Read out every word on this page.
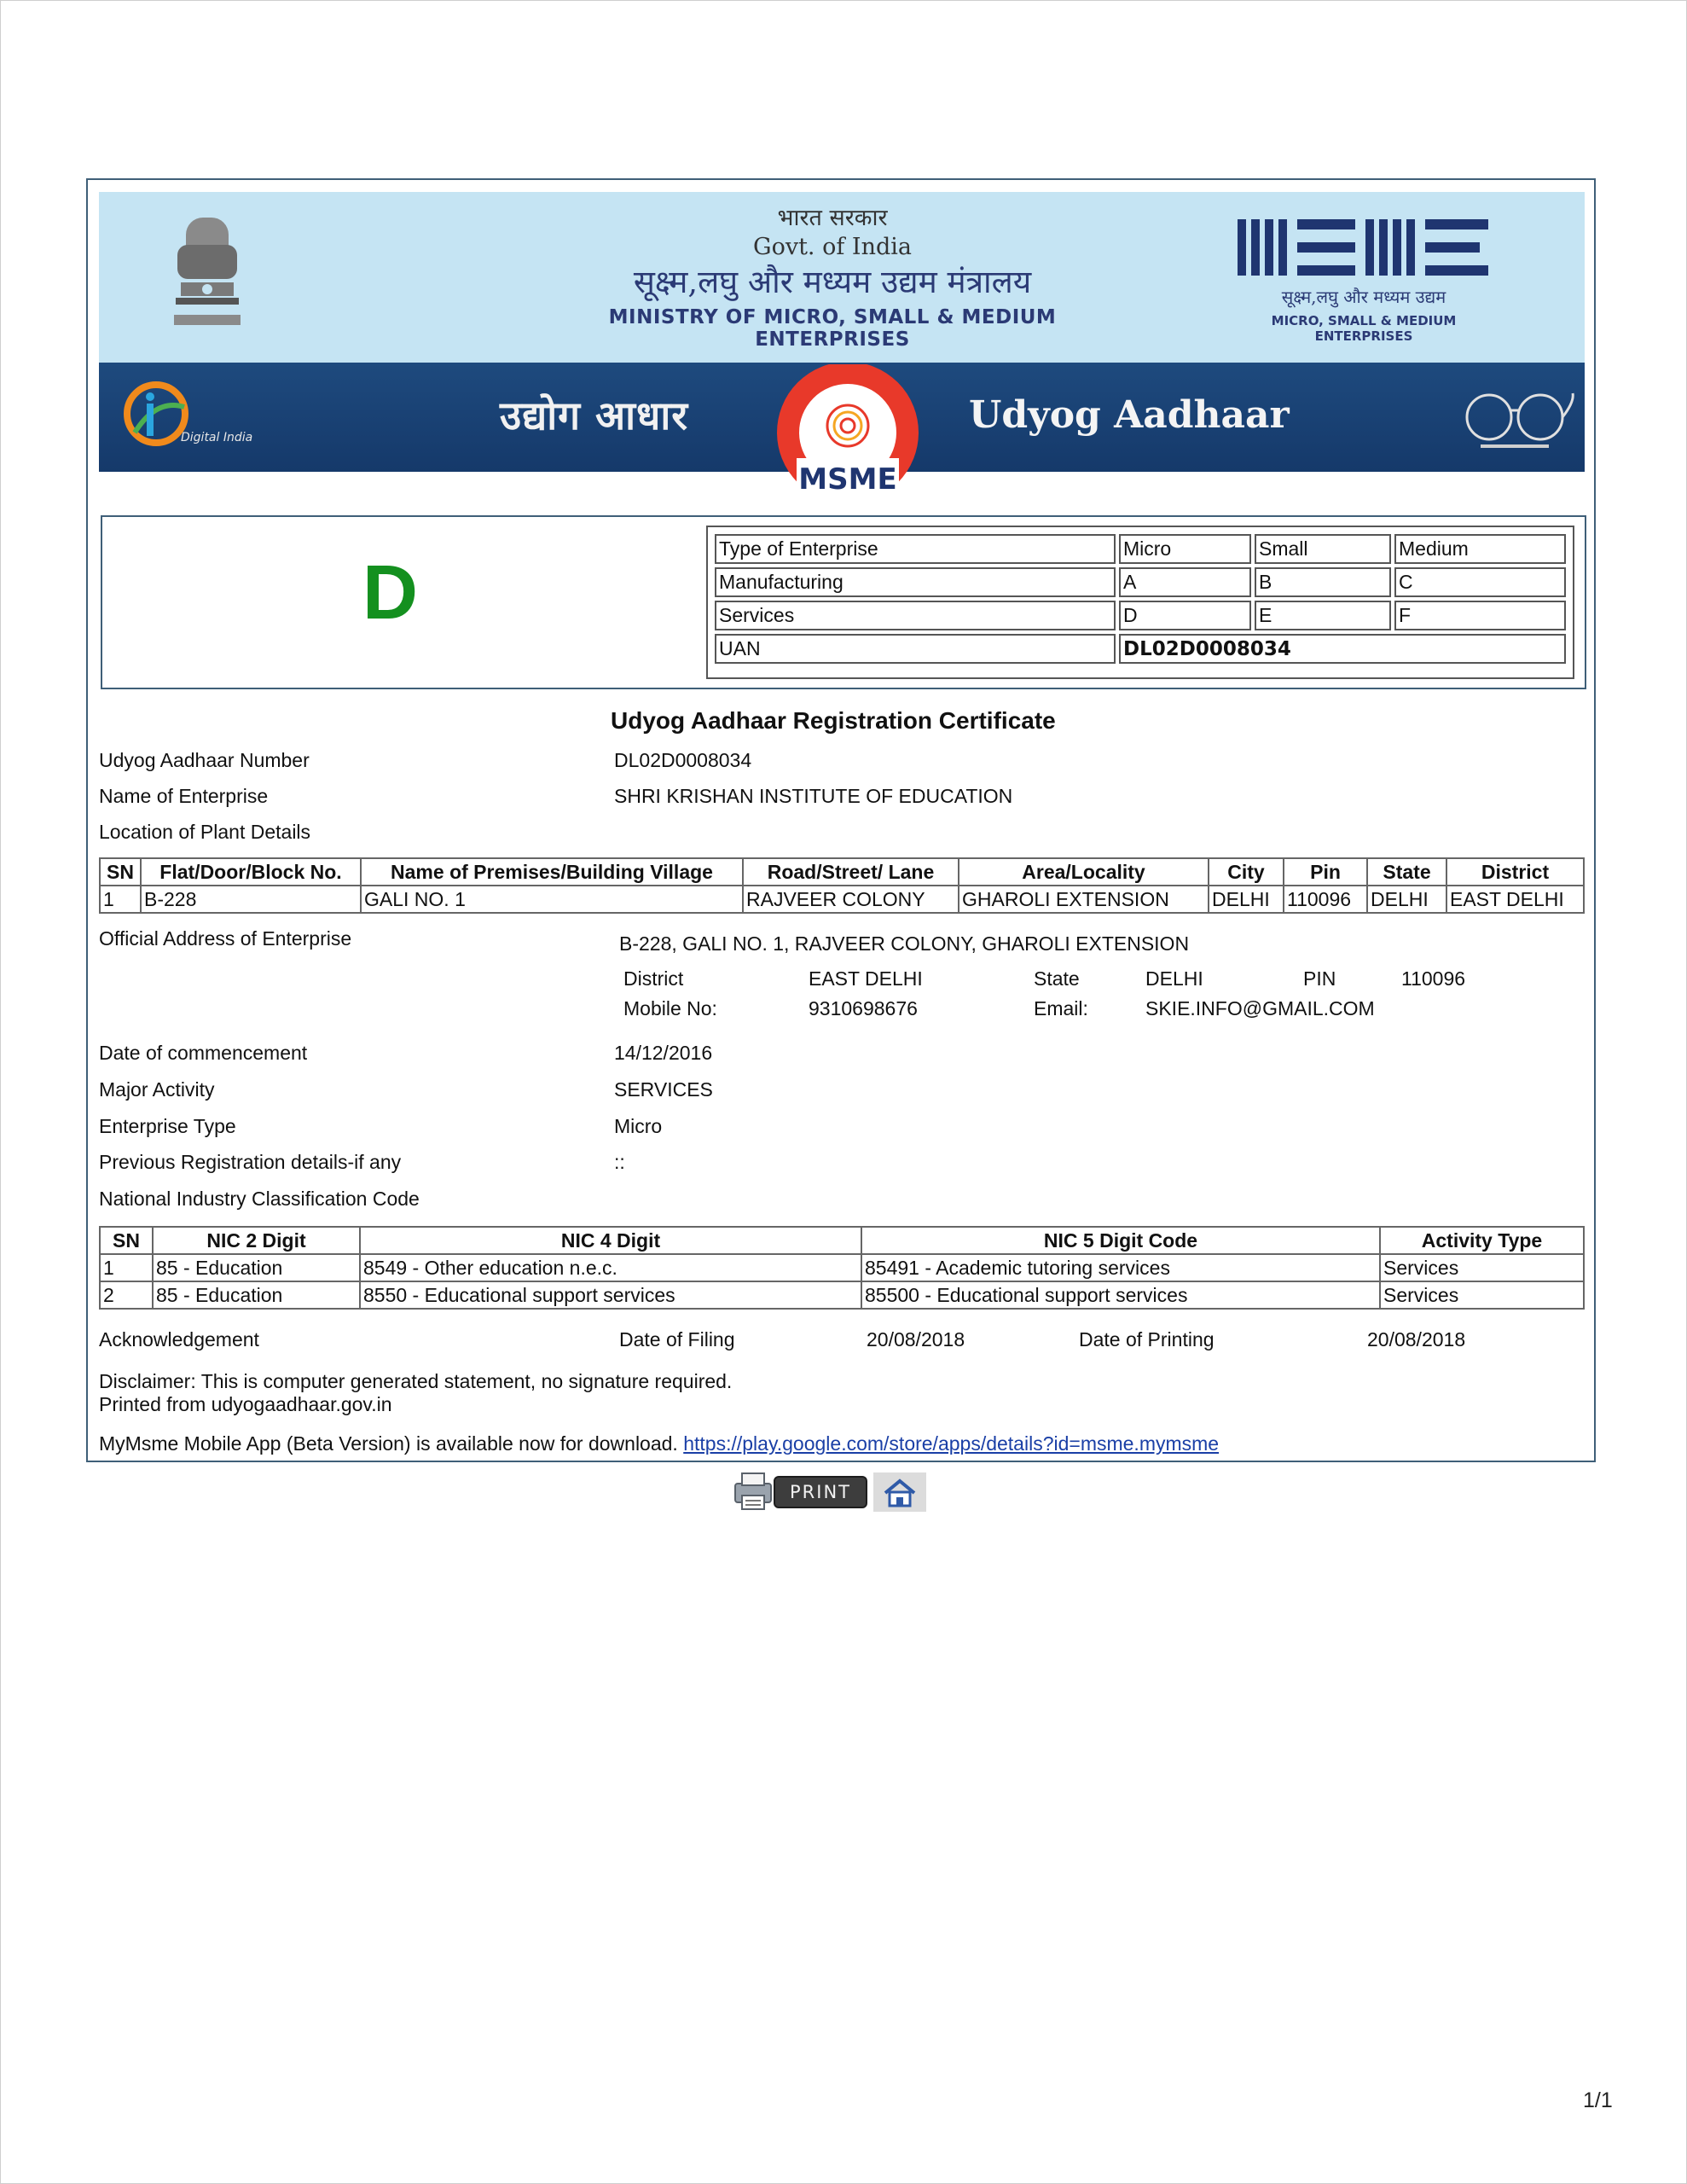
भारत सरकार
Govt. of India
सूक्ष्म,लघु और मध्यम उद्यम मंत्रालय
MINISTRY OF MICRO, SMALL & MEDIUM ENTERPRISES
सूक्ष्म,लघु और मध्यम उद्यम
MICRO, SMALL & MEDIUM ENTERPRISES
Digital India	उद्योग आधार
MSME
Udyog Aadhaar
D
Type of Enterprise	Micro	Small	Medium
Manufacturing	A	B	C
Services	D	E	F
UAN	DL02D0008034		
Udyog Aadhaar Registration Certificate
Udyog Aadhaar Number	DL02D0008034
Name of Enterprise	SHRI KRISHAN INSTITUTE OF EDUCATION
Location of Plant Details
SN	Flat/Door/Block No.	Name of Premises/Building Village	Road/Street/ Lane	Area/Locality	City	Pin	State	District
1	B-228	GALI NO. 1	RAJVEER COLONY	GHAROLI EXTENSION	DELHI	110096	DELHI	EAST DELHI
Official Address of Enterprise	B-228, GALI NO. 1, RAJVEER COLONY, GHAROLI EXTENSION
District	EAST DELHI	State	DELHI	PIN	110096
Mobile No:	9310698676	Email:	SKIE.INFO@GMAIL.COM
Date of commencement	14/12/2016
Major Activity	SERVICES
Enterprise Type	Micro
Previous Registration details-if any	::
National Industry Classification Code
SN	NIC 2 Digit	NIC 4 Digit	NIC 5 Digit Code	Activity Type
1	85 - Education	8549 - Other education n.e.c.	85491 - Academic tutoring services	Services
2	85 - Education	8550 - Educational support services	85500 - Educational support services	Services
Acknowledgement	Date of Filing	20/08/2018	Date of Printing	20/08/2018
Disclaimer: This is computer generated statement, no signature required.
Printed from udyogaadhaar.gov.in
MyMsme Mobile App (Beta Version) is available now for download. https://play.google.com/store/apps/details?id=msme.mymsme
PRINT
1/1
